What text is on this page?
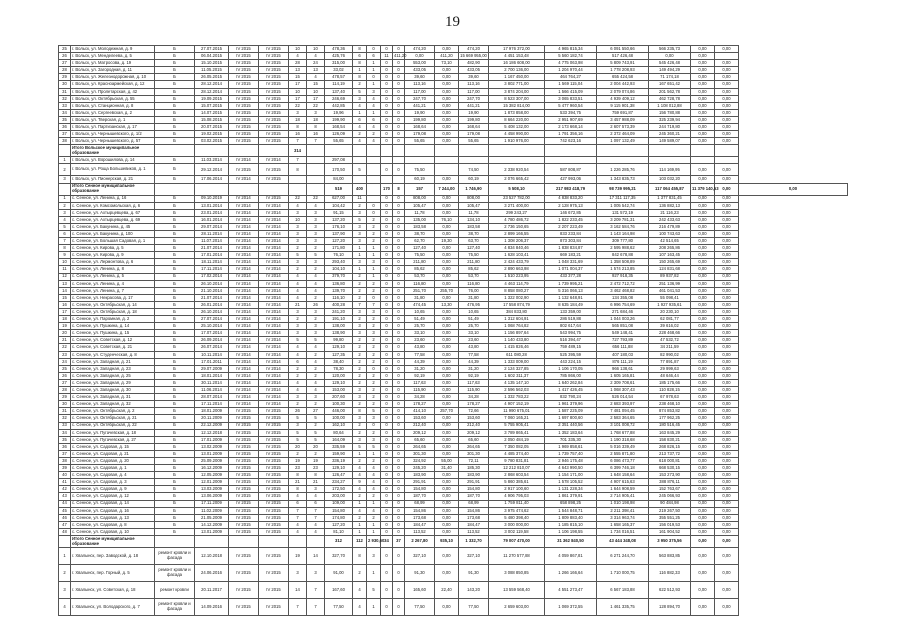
19
25	г. Вольск, ул. Молодежная, д. 9	Б	27.07.2015	IV 2015	IV 2015	10	10	478,36	8	0	0	0	474,20	0,00	474,20	17 976 372,00	4 965 815,34	6 091 550,66	566 235,73	0,00	0,00	
26	г. Вольск, ул. Менделеева, д. 5	Б	06.04.2015	IV 2015	IV 2015	4	4	425,76	6	6	11	411,20	0,00	411,20	15 669 955,00	4 451 153,48	5 560 182,74	517 426,48	0,00	0,00		
27	г. Вольск, ул. Матросова, д. 19	Б	15.10.2015	IV 2015	IV 2015	28	24	315,00	8	1	0	0	553,00	73,10	482,90	16 186 608,00	4 775 063,98	5 809 743,91	545 426,48	0,00	0,00	
28	г. Вольск, ул. Загородная, д. 11	Б	11.05.2015	IV 2015	IV 2015	13	13	33,02	1	1	0	0	433,05	0,00	433,05	2 700 136,00	1 204 970,44	1 778 208,93	149 494,29	0,00	0,00	
29	г. Вольск, ул. Железнодорожная, д. 10	Б	26.05.2015	IV 2015	IV 2015	15	4	478,57	8	0	0	0	39,60	0,00	39,60	1 167 450,00	464 764,27	655 424,58	71 174,18	0,00	0,00	
30	г. Вольск, ул. Красноармейская, д. 12	Б	28.12.2014	IV 2015	IV 2015	17	15	114,19	2	1	0	0	113,16	0,00	113,16	3 802 771,00	1 569 115,04	2 004 442,93	167 651,42	0,00	0,00	
31	г. Вольск, ул. Пролетарская, д. 42	Б	28.12.2014	IV 2015	IV 2015	10	10	137,40	5	3	0	0	117,00	0,00	117,00	3 874 204,00	1 566 415,09	2 079 074,86	201 562,78	0,00	0,00	
32	г. Вольск, ул. Октябрьская, д. 55	Б	19.09.2015	IV 2015	IV 2015	17	17	246,69	3	4	0	0	247,70	0,00	247,70	8 523 307,00	3 065 833,51	4 939 409,12	462 728,78	0,00	0,00	
33	г. Вольск, ул. Станционная, д. 8	Б	15.07.2015	IV 2015	IV 2015	22	22	442,85	4	4	0	0	441,21	0,00	441,21	15 382 814,00	5 477 960,54	9 115 901,38	1 108 012,88	0,00	0,00	
34	г. Вольск, ул. Сергеевская, д. 2	Б	14.07.2015	IV 2015	IV 2015	3	3	19,96	1	1	0	0	19,90	0,00	19,90	1 873 858,00	533 394,75	759 691,87	156 780,88	0,00	0,00	
35	г. Вольск, ул. Тверская, д. 1	Б	15.08.2015	IV 2015	IV 2015	18	18	199,90	6	6	0	0	199,80	0,00	199,80	8 664 220,00	2 951 907,69	3 457 988,09	325 239,94	0,00	0,00	
36	г. Вольск, ул. Партизанская, д. 17	Б	20.07.2015	IV 2015	IV 2015	8	8	168,54	4	4	0	0	168,64	0,00	168,64	5 408 132,00	2 173 668,14	2 607 573,39	244 719,80	0,00	0,00	
37	г. Вольск, ул. Чернышевского, д. 1/2	Б	19.02.2015	IV 2015	IV 2015	16	16	126,09	2	2	0	0	179,08	0,00	179,08	4 458 990,00	1 791 356,16	2 372 464,09	245 360,21	0,00	0,00	
38	г. Вольск, ул. Чернышевского, д. 57	Б	03.02.2015	IV 2015	IV 2015	7	7	55,65	4	4	0	0	55,65	0,00	55,65	1 910 976,00	742 623,16	1 097 132,49	149 589,07	0,00	0,00	
	Итого Вольское муниципальное образование					314																
1	г. Вольск, ул. Ворошилова, д. 14	Б	11.03.2014	IV 2014	IV 2014	7		297,08														
2	г. Вольск, ул. Роща Большевиков, д. 1	Б	29.12.2014	IV 2015	IV 2015	8		170,50	5		0	0	75,50		74,50	2 338 920,54	587 808,87	1 226 285,76	114 169,95	0,00	0,00	
3	г. Вольск, ул. Пионерская, д. 21	Б	17.06.2014	IV 2014	IV 2015			84,00					60,19	0,00	60,19	2 076 665,42	427 993,06	1 343 835,73	103 032,20	0,00	0,00	
	Итого Сенное муниципальное образование							519	400		170	8	157	7 244,00	1 746,90	5 508,10	217 983 418,79	98 739 995,21	117 064 455,87	11 379 140,53	0,00	0,00
1	с. Сенное, ул. Ленина, д. 16	Б	09.10.2019	IV 2014	IV 2015	22	22	627,00	11		0	0	808,00	0,00	808,00	23 527 782,00	4 838 833,20	17 311 117,35	1 377 831,45	0,00	0,00	
2	с. Сенное, ул. Комсомольская, д. 6	Б	13.01.2014	IV 2014	IV 2014	4	4	104,42	2	0	0	0	105,47	0,00	105,47	3 271 400,00	2 128 975,13	1 005 542,74	136 882,13	0,00	0,00	
3	с. Сенное, ул. Ахтырцевцева, д. 67	Б	23.01.2014	IV 2014	IV 2014	3	3	91,15	3	0	0	0	11,78	0,00	11,78	299 243,27	146 672,85	131 572,19	21 116,23	0,00	0,00	
4	с. Сенное, ул. Ахтырцевцева, д. 69	Б	16.01.2014	IV 2014	IV 2014	10	3	137,20	5	2	0	0	135,00	76,10	134,10	4 780 486,72	1 822 233,45	3 209 781,31	242 433,63	0,00	0,00	
5	с. Сенное, ул. Бакунина, д. 45	Б	29.07.2014	IV 2014	IV 2014	3	3	176,10	3	2	0	0	183,58	0,00	183,58	2 736 150,65	2 207 223,49	3 162 584,76	216 479,89	0,00	0,00	
6	с. Сенное, ул. Бакунина, д. 100	Б	28.11.2014	IV 2014	IV 2014	3	3	137,90	3	2	0	0	38,70	0,00	38,70	2 899 166,55	833 233,84	1 143 164,98	100 743,63	0,00	0,00	
7	с. Сенное, ул. Большая Садовая, д. 1	Б	11.07.2014	IV 2014	IV 2014	3	3	127,20	3	2	0	0	62,70	19,30	63,70	1 308 206,37	873 303,84	309 777,80	42 514,65	0,00	0,00	
8	с. Сенное, ул. Кирова, д. 5	Б	21.07.2014	IV 2014	IV 2014	2	2	171,80	1	1	0	0	127,40	0,00	127,40	4 834 840,46	1 838 834,87	2 595 988,62	208 265,86	0,00	0,00	
9	с. Сенное, ул. Кирова, д. 9	Б	17.01.2014	IV 2014	IV 2014	5	5	76,10	1	1	0	0	75,50	0,00	75,50	1 628 103,41	669 183,21	842 678,88	107 163,45	0,00	0,00	
10	с. Сенное, ул. Лермонтова, д. 6	Б	18.11.2014	IV 2014	IV 2014	3	3	293,40	3	3	0	0	211,80	0,00	211,80	2 424 433,79	1 048 331,69	1 358 508,89	150 265,69	0,00	0,00	
11	с. Сенное, ул. Ленина, д. 8	Б	17.11.2014	IV 2014	IV 2014	2	2	104,10	1	1	0	0	85,62	0,00	85,62	2 890 663,98	1 071 004,37	1 574 213,85	124 831,68	0,00	0,00	
12	с. Сенное, ул. Ленина, д. 5	Б	17.02.2014	IV 2014	IV 2014	4	4	379,70	2	1	0	0	53,70	0,00	53,70	1 510 223,95	433 377,28	927 918,35	89 937,82	0,00	0,00	
13	с. Сенное, ул. Ленина, д. 4	Б	26.10.2014	IV 2014	IV 2014	4	4	136,80	2	2	0	0	116,80	0,00	116,80	4 463 114,79	1 739 995,21	2 472 712,72	251 136,99	0,00	0,00	
14	с. Сенное, ул. Ленина, д. 7	Б	21.10.2014	IV 2014	IV 2014	4	4	139,70	2	2	0	0	251,70	255,70	76,00	8 858 080,27	5 316 066,13	3 462 468,82	461 041,53	0,00	0,00	
15	с. Сенное, ул. Некрасова, д. 17	Б	21.07.2014	IV 2014	IV 2014	4	2	116,10	2	0	0	0	31,80	0,00	31,80	1 322 002,90	1 132 648,91	134 355,08	55 098,41	0,00	0,00	
16	с. Сенное, ул. Октябрьская, д. 14	Б	26.01.2014	IV 2014	IV 2014	21	26	400,28	7	7	0	0	474,45	13,30	476,95	17 558 874,79	8 635 184,49	6 996 754,69	1 927 935,61	0,00	0,00	
17	с. Сенное, ул. Октябрьская, д. 18	Б	26.10.2014	IV 2014	IV 2014	3	3	241,20	3	3	0	0	10,65	0,00	10,65	384 833,80	133 359,00	271 684,46	20 230,10	0,00	0,00	
18	с. Сенное, ул. Паромная, д. 2	Б	27.07.2014	IV 2014	IV 2014	2	2	191,10	2	2	0	0	51,49	0,00	51,49	1 312 604,91	286 519,88	1 044 003,26	62 081,77	0,00	0,00	
19	с. Сенное, ул. Пушкина, д. 14	Б	25.10.2014	IV 2014	IV 2014	3	3	138,00	3	2	0	0	25,70	0,00	25,70	1 068 764,82	802 617,64	565 851,08	39 616,02	0,00	0,00	
20	с. Сенное, ул. Пушкина, д. 15	Б	17.07.2014	IV 2014	IV 2014	3	3	138,90	3	3	0	0	33,10	0,00	33,10	1 156 897,64	543 994,75	549 148,41	228 468,66	0,00	0,00	
21	с. Сенное, ул. Советская, д. 12	Б	26.09.2014	IV 2014	IV 2014	5	5	99,80	2	2	0	0	23,60	0,00	23,60	1 140 433,80	516 394,47	727 793,89	47 532,72	0,00	0,00	
22	с. Сенное, ул. Советская, д. 21	Б	26.07.2014	IV 2014	IV 2014	4	4	129,10	2	2	0	0	43,80	0,00	43,80	1 415 826,46	759 489,15	656 111,88	34 211,59	0,00	0,00	
23	с. Сенное, ул. Студенческая, д. 8	Б	10.11.2014	IV 2014	IV 2014	4	2	127,35	2	2	0	0	77,58	0,00	77,58	611 080,28	525 395,59	407 180,03	82 990,02	0,00	0,00	
24	с. Сенное, ул. Западная, д. 21	Б	17.01.2011	IV 2014	IV 2014	6	4	38,40	2	2	0	0	44,39	0,00	44,39	1 333 009,00	443 224,15	876 111,19	77 891,87	0,00	0,00	
25	с. Сенное, ул. Западная, д. 23	Б	29.07.2009	IV 2014	IV 2014	2	2	78,30	2	0	0	0	31,20	0,00	31,20	2 124 327,85	1 106 170,05	966 138,61	29 999,63	0,00	0,00	
26	с. Сенное, ул. Западная, д. 25	Б	18.01.2014	IV 2014	IV 2014	2	2	120,00	2	2	0	0	92,19	0,00	92,19	1 602 311,37	785 866,00	1 605 165,81	48 646,44	0,00	0,00	
27	с. Сенное, ул. Западная, д. 29	Б	30.11.2014	IV 2014	IV 2014	4	4	129,10	2	2	0	0	117,63	0,00	117,63	4 135 147,10	1 640 262,84	2 309 708,61	185 175,66	0,00	0,00	
28	с. Сенное, ул. Западная, д. 30	Б	11.06.2014	IV 2014	IV 2014	4	4	153,00	3	2	0	0	115,90	0,00	115,90	2 596 562,03	1 417 426,45	1 068 307,43	110 828,15	0,00	0,00	
29	с. Сенное, ул. Западная, д. 31	Б	28.07.2014	IV 2014	IV 2014	3	3	207,60	3	2	0	0	34,28	0,00	34,28	1 332 783,22	832 790,24	526 014,54	67 978,63	0,00	0,00	
30	с. Сенное, ул. Западная, д. 32	Б	17.11.2014	IV 2014	IV 2014	2	2	100,30	2	2	0	0	178,27	0,00	178,27	4 907 152,19	1 961 379,96	2 683 393,97	238 468,10	0,00	0,00	
31	с. Сенное, ул. Октябрьская, д. 2	Б	18.01.2009	IV 2015	IV 2015	26	27	446,00	8	5	0	0	414,10	257,70	72,66	11 990 675,01	1 587 225,09	7 481 094,45	874 853,82	0,00	0,00	
32	с. Сенное, ул. Октябрьская, д. 21	Б	20.11.2009	IV 2015	IV 2015	5	5	100,00	3	3	0	0	153,60	0,00	153,60	7 060 165,21	1 697 800,60	2 583 364,65	177 962,25	0,00	0,00	
33	с. Сенное, ул. Октябрьская, д. 22	Б	22.12.2009	IV 2015	IV 2015	3	2	162,10	2	0	0	0	212,40	0,00	212,40	5 755 905,41	2 351 440,56	3 101 008,72	180 516,45	0,00	0,00	
34	с. Сенное, ул. Пугачевская, д. 18	Б	12.12.2018	IV 2015	IV 2015	5	5	80,64	2	2	0	0	209,12	0,00	209,12	3 789 865,41	1 352 183,64	1 768 677,88	163 845,29	0,00	0,00	
35	с. Сенное, ул. Пугачевская, д. 27	Б	17.01.2009	IV 2015	IV 2015	5	5	164,09	3	3	0	0	65,60	0,00	65,60	2 050 484,19	701 335,30	1 190 318,68	158 830,21	0,00	0,00	
36	с. Сенное, ул. Садовая, д. 15	Б	13.02.2009	IV 2015	IV 2015	20	20	335,59	5	5	0	0	264,65	0,00	264,65	7 350 082,05	1 969 858,61	5 016 339,49	268 826,15	0,00	0,00	
37	с. Сенное, ул. Садовая, д. 21	Б	13.01.2009	IV 2015	IV 2015	2	2	159,90	1	1	0	0	301,30	0,00	301,30	4 485 374,40	1 739 757,40	2 555 871,80	213 737,72	0,00	0,00	
38	с. Сенное, ул. Садовая, д. 20	Б	25.09.2009	IV 2015	IV 2015	19	19	336,19	2	2	0	0	324,92	55,00	72,11	9 780 831,81	2 946 175,48	6 086 473,77	618 000,81	0,00	0,00	
39	с. Сенное, ул. Садовая, д. 1	Б	16.12.2009	IV 2015	IV 2015	23	23	129,10	4	4	0	0	245,20	31,40	185,30	12 212 810,07	4 643 990,50	6 399 746,18	668 530,15	0,00	0,00	
40	с. Сенное, ул. Садовая, д. 4	Б	12.05.2009	IV 2015	IV 2015	8	8	126,47	4	4	0	0	183,90	0,00	183,90	2 868 603,54	1 154 171,00	1 648 158,64	153 273,90	0,00	0,00	
41	с. Сенное, ул. Садовая, д. 3	Б	12.01.2009	IV 2015	IV 2015	21	21	234,27	9	4	0	0	291,91	0,00	291,91	5 860 385,61	1 578 105,52	4 907 615,63	388 876,11	0,00	0,00	
42	с. Сенное, ул. Садовая, д. 9	Б	13.03.2009	IV 2015	IV 2015	8	3	172,50	4	4	0	0	154,80	0,00	154,80	2 917 100,60	1 131 228,34	1 644 908,59	152 763,67	0,00	0,00	
43	с. Сенное, ул. Садовая, д. 12	Б	13.06.2009	IV 2015	IV 2015	4	4	203,00	2	2	0	0	187,70	0,00	187,70	4 906 795,03	1 861 379,91	2 714 905,41	245 066,93	0,00	0,00	
44	с. Сенное, ул. Садовая, д. 14	Б	17.11.2009	IV 2015	IV 2015	6	6	109,00	1	1	0	0	68,99	0,00	68,99	1 759 811,40	658 898,25	1 010 198,98	90 484,98	0,00	0,00	
45	с. Сенное, ул. Садовая, д. 16	Б	11.02.2009	IV 2015	IV 2015	7	7	154,80	4	4	0	0	154,86	0,00	154,86	3 975 474,62	1 544 848,71	2 211 398,41	219 267,50	0,00	0,00	
46	с. Сенное, ул. Садовая, д. 13	Б	21.05.2009	IV 2015	IV 2015	7	7	174,80	2	2	0	0	173,68	0,00	173,68	5 480 398,40	1 809 883,40	3 314 963,74	355 551,25	0,00	0,00	
47	с. Сенное, ул. Садовая, д. 8	Б	14.12.2009	IV 2015	IV 2015	4	4	127,20	1	1	0	0	184,47	0,00	184,47	3 000 000,00	1 185 815,10	1 658 165,37	156 019,53	0,00	0,00	
48	с. Сенное, ул. Садовая, д. 10	Б	13.01.2009	IV 2015	IV 2015	4	4	81,10	1	1	0	0	113,52	0,00	113,52	3 002 119,58	1 106 198,55	1 734 016,51	161 904,52	0,00	0,00	
	Итого Сенное муниципальное образование							312	112	2 930,60	34	37	2 267,80	935,10	1 332,70	79 007 470,00	31 362 840,50	43 444 348,08	3 950 375,56	0,00	0,00	
1	г. Хвалынск, пер. Заводской, д. 18	ремонт кровли и фасада	12.10.2018	IV 2015	IV 2015	19	14	327,70	8	3	0	0	327,10	0,00	327,10	11 270 577,88	4 059 867,81	6 271 244,70	563 883,85	0,00	0,00	
2	г. Хвалынск, пер. Горный, д. 5	ремонт кровли и фасада	24.06.2016	IV 2015	IV 2015	3	3	91,00	2	1	0	0	91,30	0,00	91,30	3 088 850,85	1 266 166,64	1 710 000,75	116 882,33	0,00	0,00	
3	г. Хвалынск, ул. Советская, д. 18	ремонт кровли	20.11.2017	IV 2015	IV 2015	14	7	167,60	4	5	0	0	165,60	22,40	143,20	13 559 568,40	4 551 273,47	6 567 183,88	622 512,93	0,00	0,00	
4	г. Хвалынск, ул. Володарского, д. 7	ремонт кровли и фасада	14.09.2016	IV 2015	IV 2015	7	7	77,50	4	1	0	0	77,50	0,00	77,50	2 659 603,00	1 069 372,55	1 461 335,75	128 894,70	0,00	0,00	
